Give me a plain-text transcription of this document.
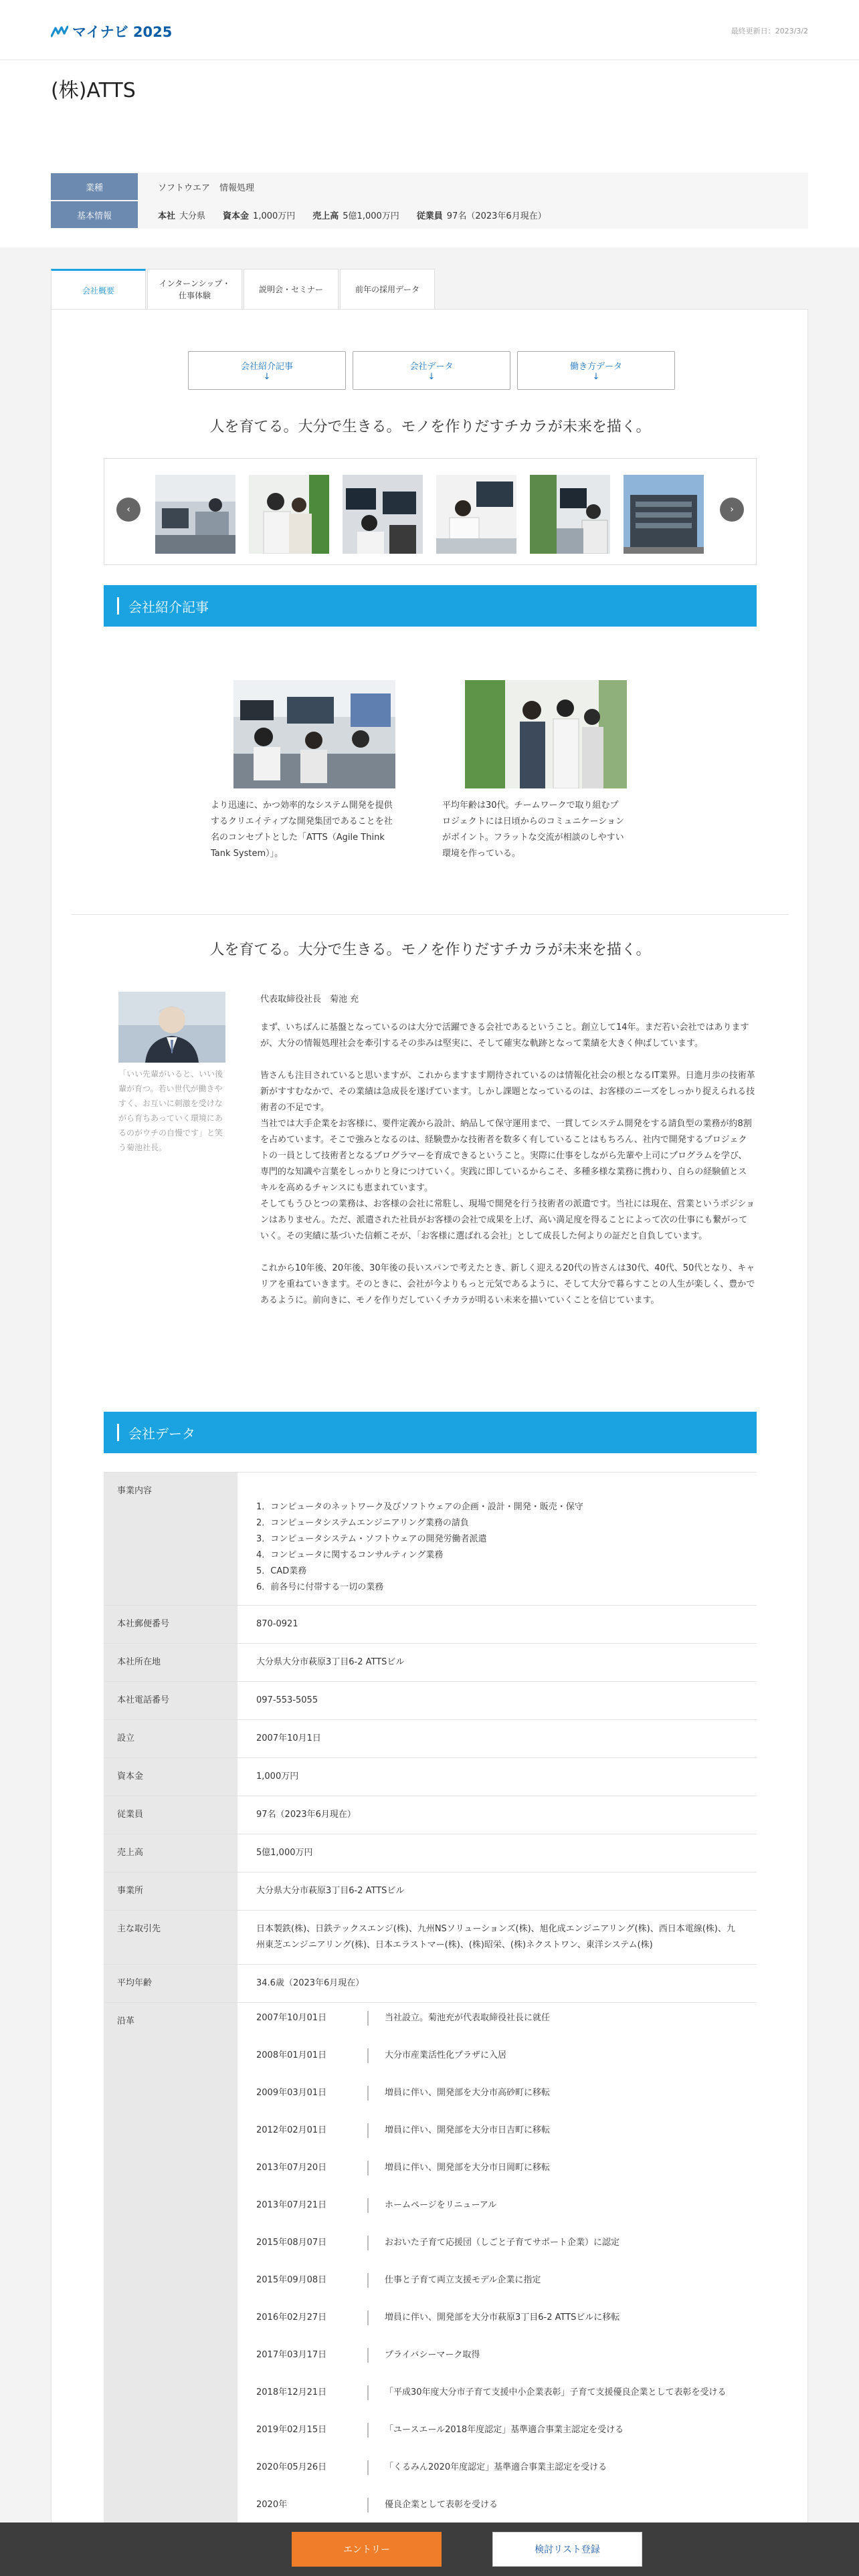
マイナビ 2025	最終更新日：2023/3/2
(株)ATTS
業種	ソフトウエア 情報処理
基本情報	本社 大分県 資本金 1,000万円 売上高 5億1,000万円 従業員 97名（2023年6月現在）
会社概要
インターンシップ・
仕事体験
説明会・セミナー	前年の採用データ
会社紹介記事
↓
会社データ
↓
働き方データ
↓
人を育てる。大分で生きる。モノを作りだすチカラが未来を描く。
‹	›
会社紹介記事
より迅速に、かつ効率的なシステム開発を提供するクリエイティブな開発集団であることを社名のコンセプトとした「ATTS（Agile Think Tank System）」。
平均年齢は30代。チームワークで取り組むプロジェクトには日頃からのコミュニケーションがポイント。フラットな交流が相談のしやすい環境を作っている。
人を育てる。大分で生きる。モノを作りだすチカラが未来を描く。
「いい先輩がいると、いい後輩が育つ。若い世代が働きやすく、お互いに刺激を受けながら育ちあっていく環境にあるのがウチの自慢です」と笑う菊池社長。
代表取締役社長　菊池 充

まず、いちばんに基盤となっているのは大分で活躍できる会社であるということ。創立して14年。まだ若い会社ではありますが、大分の情報処理社会を牽引するその歩みは堅実に、そして確実な軌跡となって業績を大きく伸ばしています。

皆さんも注目されていると思いますが、これからますます期待されているのは情報化社会の根となるIT業界。日進月歩の技術革新がすすむなかで、その業績は急成長を遂げています。しかし課題となっているのは、お客様のニーズをしっかり捉えられる技術者の不足です。

当社では大手企業をお客様に、要件定義から設計、納品して保守運用まで、一貫してシステム開発をする請負型の業務が約8割を占めています。そこで強みとなるのは、経験豊かな技術者を数多く有していることはもちろん、社内で開発するプロジェクトの一員として技術者となるプログラマーを育成できるということ。実際に仕事をしながら先輩や上司にプログラムを学び、専門的な知識や言葉をしっかりと身につけていく。実践に即しているからこそ、多種多様な業務に携わり、自らの経験値とスキルを高めるチャンスにも恵まれています。

そしてもうひとつの業務は、お客様の会社に常駐し、現場で開発を行う技術者の派遣です。当社には現在、営業というポジションはありません。ただ、派遣された社員がお客様の会社で成果を上げ、高い満足度を得ることによって次の仕事にも繋がっていく。その実績に基づいた信頼こそが、「お客様に選ばれる会社」として成長した何よりの証だと自負しています。

これから10年後、20年後、30年後の長いスパンで考えたとき、新しく迎える20代の皆さんは30代、40代、50代となり、キャリアを重ねていきます。そのときに、会社が今よりもっと元気であるように、そして大分で暮らすことの人生が楽しく、豊かであるように。前向きに、モノを作りだしていくチカラが明るい未来を描いていくことを信じています。

会社データ
事業内容
1．コンピュータのネットワーク及びソフトウェアの企画・設計・開発・販売・保守
2．コンピュータシステムエンジニアリング業務の請負
3．コンピュータシステム・ソフトウェアの開発労働者派遣
4．コンピュータに関するコンサルティング業務
5．CAD業務
6．前各号に付帯する一切の業務
本社郵便番号	870-0921
本社所在地	大分県大分市萩原3丁目6-2 ATTSビル
本社電話番号	097-553-5055
設立	2007年10月1日
資本金	1,000万円
従業員	97名（2023年6月現在）
売上高	5億1,000万円
事業所	大分県大分市萩原3丁目6-2 ATTSビル
主な取引先	日本製鉄(株)、日鉄テックスエンジ(株)、九州NSソリューションズ(株)、旭化成エンジニアリング(株)、西日本電線(株)、九州東芝エンジニアリング(株)、日本エラストマー(株)、(株)昭栄、(株)ネクストワン、東洋システム(株)
平均年齢	34.6歳（2023年6月現在）
沿革	2007年10月01日	当社設立。菊池充が代表取締役社長に就任
2008年01月01日	大分市産業活性化プラザに入居
2009年03月01日	増員に伴い、開発部を大分市高砂町に移転
2012年02月01日	増員に伴い、開発部を大分市日吉町に移転
2013年07月20日	増員に伴い、開発部を大分市日岡町に移転
2013年07月21日	ホームページをリニューアル
2015年08月07日	おおいた子育て応援団（しごと子育てサポート企業）に認定
2015年09月08日	仕事と子育て両立支援モデル企業に指定
2016年02月27日	増員に伴い、開発部を大分市萩原3丁目6-2 ATTSビルに移転
2017年03月17日	プライバシーマーク取得
2018年12月21日	「平成30年度大分市子育て支援中小企業表彰」子育て支援優良企業として表彰を受ける
2019年02月15日	「ユースエール2018年度認定」基準適合事業主認定を受ける
2020年05月26日	「くるみん2020年度認定」基準適合事業主認定を受ける
2020年	優良企業として表彰を受ける
エントリー	検討リスト登録
